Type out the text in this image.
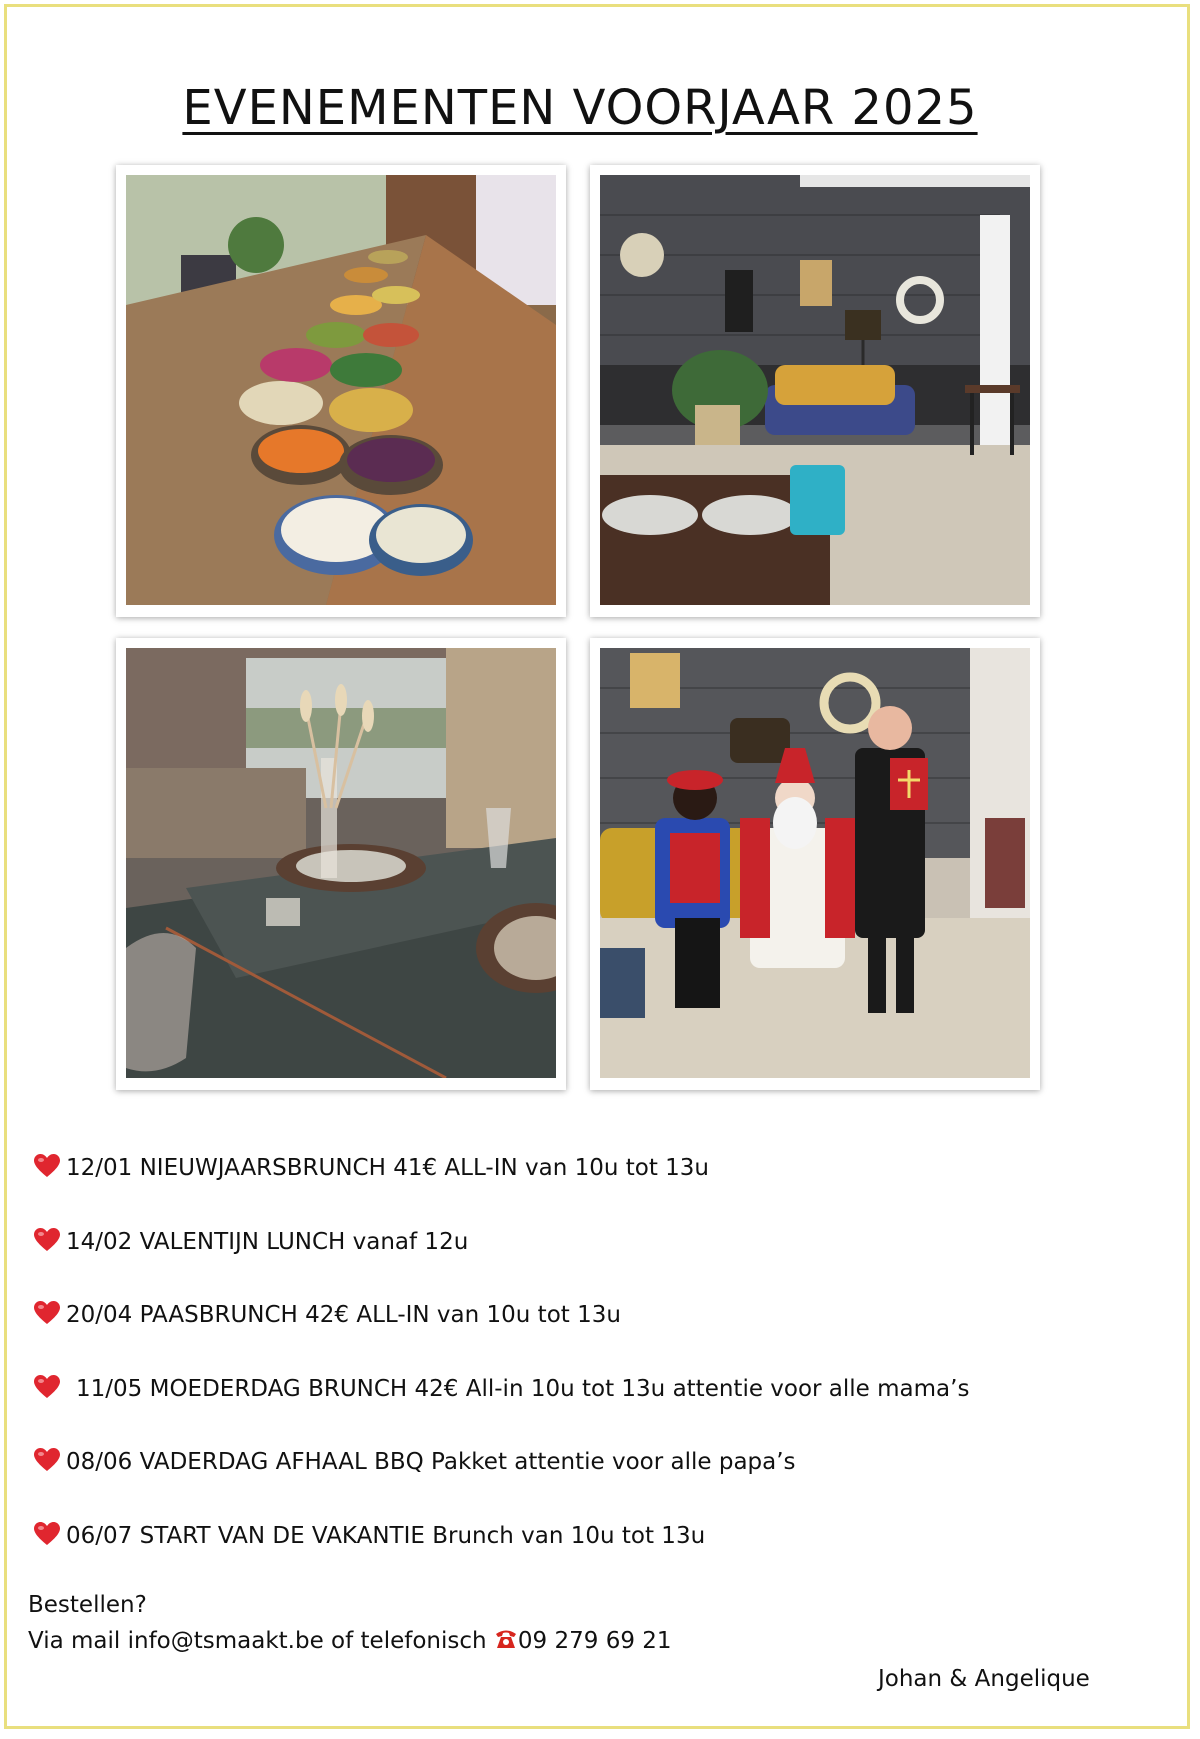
EVENEMENTEN VOORJAAR 2025
12/01 NIEUWJAARSBRUNCH 41€ ALL-IN van 10u tot 13u
14/02 VALENTIJN LUNCH vanaf 12u
20/04 PAASBRUNCH 42€ ALL-IN van 10u tot 13u
11/05 MOEDERDAG BRUNCH 42€ All-in 10u tot 13u attentie voor alle mama’s
08/06 VADERDAG AFHAAL BBQ Pakket attentie voor alle papa’s
06/07 START VAN DE VAKANTIE Brunch van 10u tot 13u
Bestellen?
Via mail info@tsmaakt.be of telefonisch 09 279 69 21
Johan & Angelique
